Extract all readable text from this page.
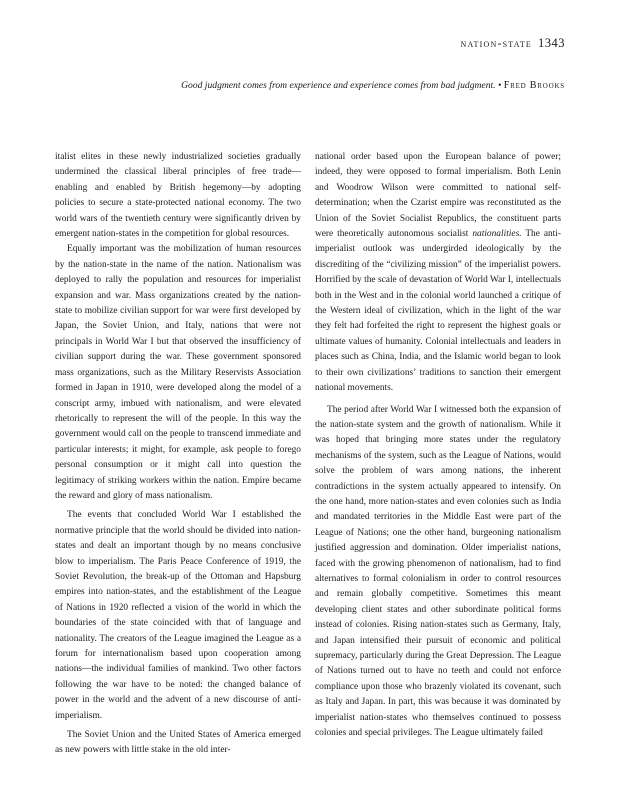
nation-state 1343
Good judgment comes from experience and experience comes from bad judgment. • Fred Brooks

italist elites in these newly industrialized societies gradually undermined the classical liberal principles of free trade—enabling and enabled by British hegemony—by adopting policies to secure a state-protected national economy. The two world wars of the twentieth century were significantly driven by emergent nation-states in the competition for global resources.

Equally important was the mobilization of human resources by the nation-state in the name of the nation. Nationalism was deployed to rally the population and resources for imperialist expansion and war. Mass organizations created by the nation-state to mobilize civilian support for war were first developed by Japan, the Soviet Union, and Italy, nations that were not principals in World War I but that observed the insufficiency of civilian support during the war. These government sponsored mass organizations, such as the Military Reservists Association formed in Japan in 1910, were developed along the model of a conscript army, imbued with nationalism, and were elevated rhetorically to represent the will of the people. In this way the government would call on the people to transcend immediate and particular interests; it might, for example, ask people to forego personal consumption or it might call into question the legitimacy of striking workers within the nation. Empire became the reward and glory of mass nationalism.

The events that concluded World War I established the normative principle that the world should be divided into nation-states and dealt an important though by no means conclusive blow to imperialism. The Paris Peace Conference of 1919, the Soviet Revolution, the break-up of the Ottoman and Hapsburg empires into nation-states, and the establishment of the League of Nations in 1920 reflected a vision of the world in which the boundaries of the state coincided with that of language and nationality. The creators of the League imagined the League as a forum for internationalism based upon cooperation among nations—the individual families of mankind. Two other factors following the war have to be noted: the changed balance of power in the world and the advent of a new discourse of anti-imperialism.

The Soviet Union and the United States of America emerged as new powers with little stake in the old inter-

national order based upon the European balance of power; indeed, they were opposed to formal imperialism. Both Lenin and Woodrow Wilson were committed to national self-determination; when the Czarist empire was reconstituted as the Union of the Soviet Socialist Republics, the constituent parts were theoretically autonomous socialist nationalities. The anti-imperialist outlook was undergirded ideologically by the discrediting of the “civilizing mission” of the imperialist powers. Horrified by the scale of devastation of World War I, intellectuals both in the West and in the colonial world launched a critique of the Western ideal of civilization, which in the light of the war they felt had forfeited the right to represent the highest goals or ultimate values of humanity. Colonial intellectuals and leaders in places such as China, India, and the Islamic world began to look to their own civilizations’ traditions to sanction their emergent national movements.

The period after World War I witnessed both the expansion of the nation-state system and the growth of nationalism. While it was hoped that bringing more states under the regulatory mechanisms of the system, such as the League of Nations, would solve the problem of wars among nations, the inherent contradictions in the system actually appeared to intensify. On the one hand, more nation-states and even colonies such as India and mandated territories in the Middle East were part of the League of Nations; one the other hand, burgeoning nationalism justified aggression and domination. Older imperialist nations, faced with the growing phenomenon of nationalism, had to find alternatives to formal colonialism in order to control resources and remain globally competitive. Sometimes this meant developing client states and other subordinate political forms instead of colonies. Rising nation-states such as Germany, Italy, and Japan intensified their pursuit of economic and political supremacy, particularly during the Great Depression. The League of Nations turned out to have no teeth and could not enforce compliance upon those who brazenly violated its covenant, such as Italy and Japan. In part, this was because it was dominated by imperialist nation-states who themselves continued to possess colonies and special privileges. The League ultimately failed
